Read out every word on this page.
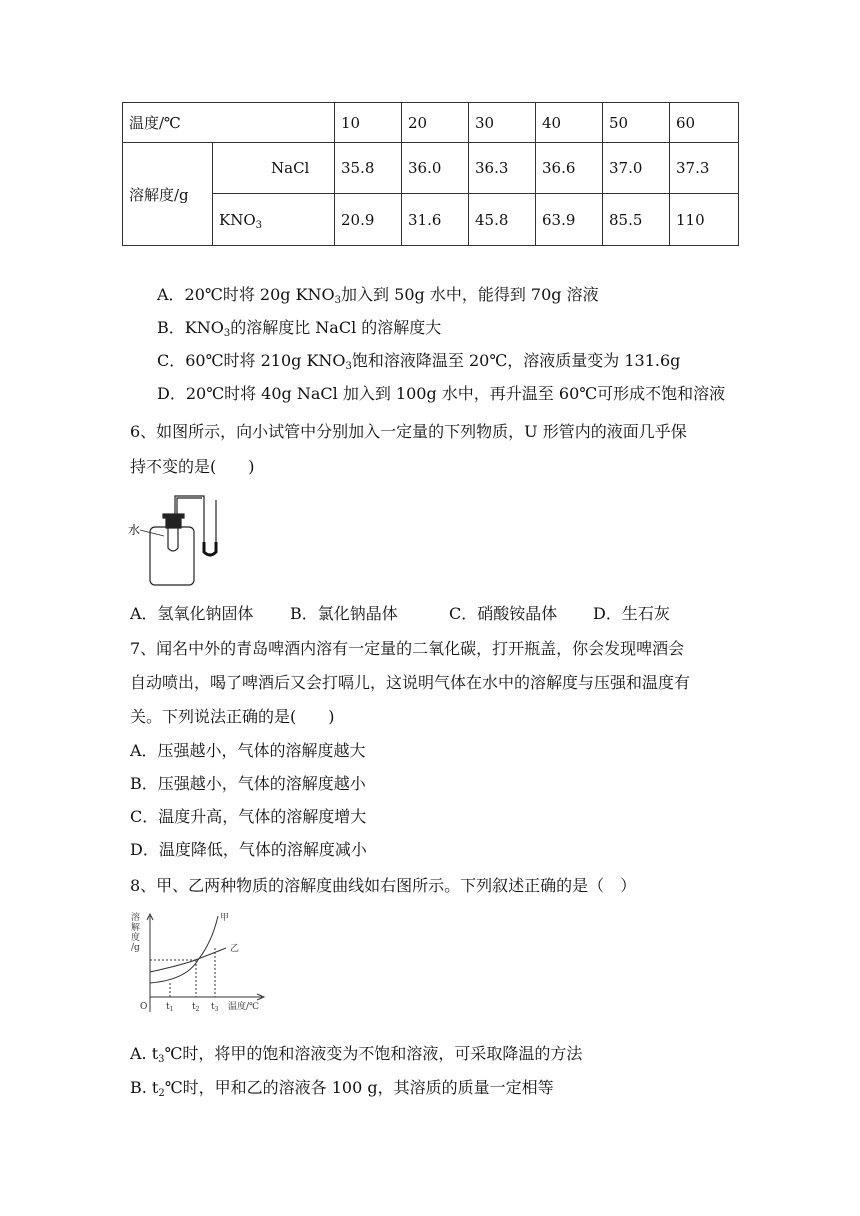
温度/℃		10	20	30	40	50	60
溶解度/g	NaCl	35.8	36.0	36.3	36.6	37.0	37.3
	$KNO_3$	20.9	31.6	45.8	63.9	85.5	110
A．20℃时将 20g $KNO_3$加入到 50g 水中，能得到 70g 溶液
B．$KNO_3$的溶解度比 NaCl 的溶解度大
C．60℃时将 210g $KNO_3$饱和溶液降温至 20℃，溶液质量变为 131.6g
D．20℃时将 40g NaCl 加入到 100g 水中，再升温至 60℃可形成不饱和溶液
6、如图所示，向小试管中分别加入一定量的下列物质，U 形管内的液面几乎保
持不变的是(　　)
水
A．氢氧化钠固体 B．氯化钠晶体	C．硝酸铵晶体 D．生石灰
7、闻名中外的青岛啤酒内溶有一定量的二氧化碳，打开瓶盖，你会发现啤酒会
自动喷出，喝了啤酒后又会打嗝儿，这说明气体在水中的溶解度与压强和温度有
关。下列说法正确的是(　　)
A．压强越小，气体的溶解度越大
B．压强越小，气体的溶解度越小
C．温度升高，气体的溶解度增大
D．温度降低，气体的溶解度减小
8、甲、乙两种物质的溶解度曲线如右图所示。下列叙述正确的是（　）
溶
解
度
/g
O $t_1$ $t_2$ $t_3$ 温度/℃
甲
乙
A. $t_3℃$时，将甲的饱和溶液变为不饱和溶液，可采取降温的方法
B. $t_2℃$时，甲和乙的溶液各 100 g，其溶质的质量一定相等
